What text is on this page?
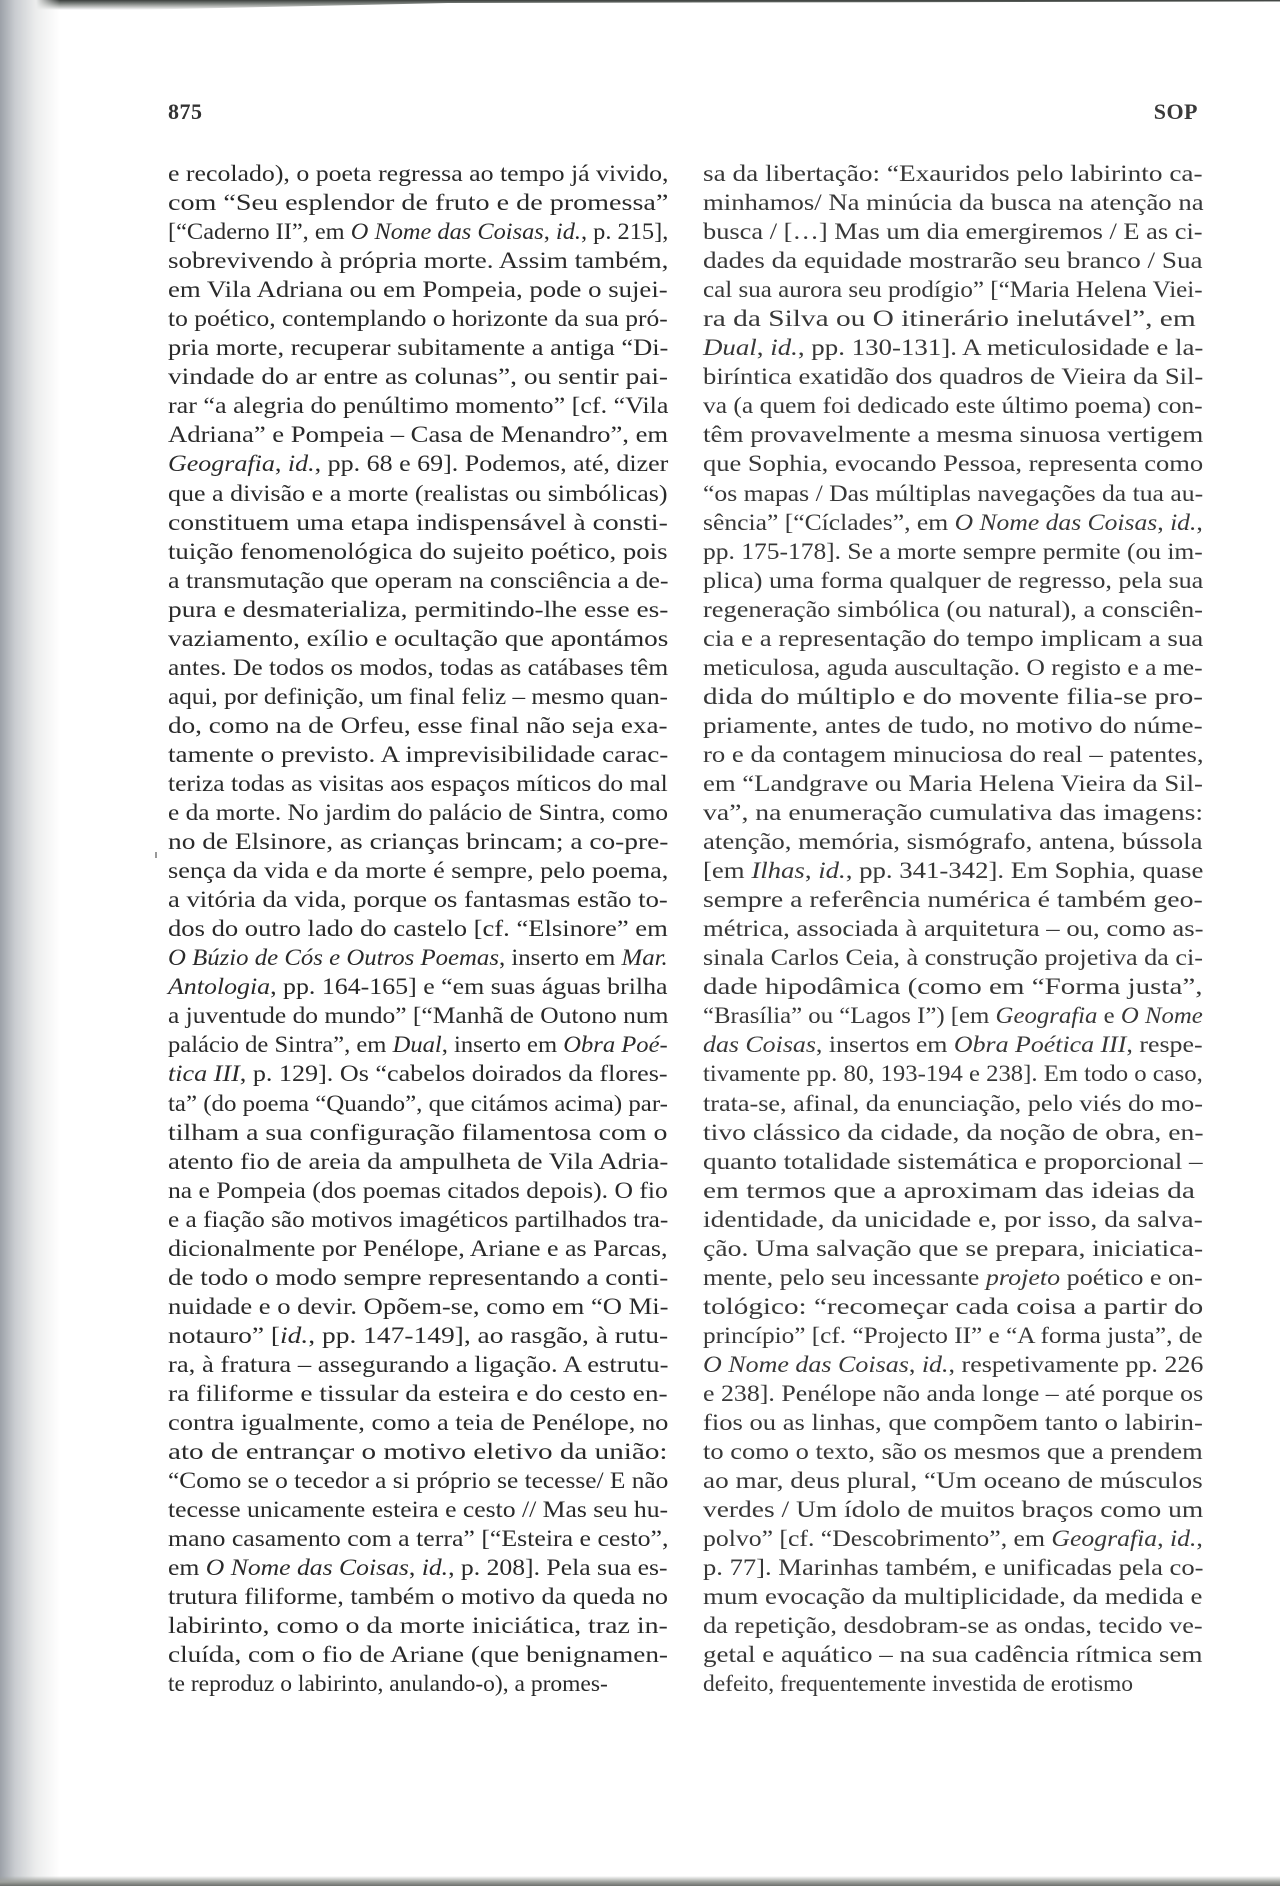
875	SOP
e recolado), o poeta regressa ao tempo já vivido,
com “Seu esplendor de fruto e de promessa”
[“Caderno II”, em O Nome das Coisas, id., p. 215],
sobrevivendo à própria morte. Assim também,
em Vila Adriana ou em Pompeia, pode o sujei-
to poético, contemplando o horizonte da sua pró-
pria morte, recuperar subitamente a antiga “Di-
vindade do ar entre as colunas”, ou sentir pai-
rar “a alegria do penúltimo momento” [cf. “Vila
Adriana” e Pompeia – Casa de Menandro”, em
Geografia, id., pp. 68 e 69]. Podemos, até, dizer
que a divisão e a morte (realistas ou simbólicas)
constituem uma etapa indispensável à consti-
tuição fenomenológica do sujeito poético, pois
a transmutação que operam na consciência a de-
pura e desmaterializa, permitindo-lhe esse es-
vaziamento, exílio e ocultação que apontámos
antes. De todos os modos, todas as catábases têm
aqui, por definição, um final feliz – mesmo quan-
do, como na de Orfeu, esse final não seja exa-
tamente o previsto. A imprevisibilidade carac-
teriza todas as visitas aos espaços míticos do mal
e da morte. No jardim do palácio de Sintra, como
no de Elsinore, as crianças brincam; a co-pre-
sença da vida e da morte é sempre, pelo poema,
a vitória da vida, porque os fantasmas estão to-
dos do outro lado do castelo [cf. “Elsinore” em
O Búzio de Cós e Outros Poemas, inserto em Mar.
Antologia, pp. 164-165] e “em suas águas brilha
a juventude do mundo” [“Manhã de Outono num
palácio de Sintra”, em Dual, inserto em Obra Poé-
tica III, p. 129]. Os “cabelos doirados da flores-
ta” (do poema “Quando”, que citámos acima) par-
tilham a sua configuração filamentosa com o
atento fio de areia da ampulheta de Vila Adria-
na e Pompeia (dos poemas citados depois). O fio
e a fiação são motivos imagéticos partilhados tra-
dicionalmente por Penélope, Ariane e as Parcas,
de todo o modo sempre representando a conti-
nuidade e o devir. Opõem-se, como em “O Mi-
notauro” [id., pp. 147-149], ao rasgão, à rutu-
ra, à fratura – assegurando a ligação. A estrutu-
ra filiforme e tissular da esteira e do cesto en-
contra igualmente, como a teia de Penélope, no
ato de entrançar o motivo eletivo da união:
“Como se o tecedor a si próprio se tecesse/ E não
tecesse unicamente esteira e cesto // Mas seu hu-
mano casamento com a terra” [“Esteira e cesto”,
em O Nome das Coisas, id., p. 208]. Pela sua es-
trutura filiforme, também o motivo da queda no
labirinto, como o da morte iniciática, traz in-
cluída, com o fio de Ariane (que benignamen-
te reproduz o labirinto, anulando-o), a promes-
sa da libertação: “Exauridos pelo labirinto ca-
minhamos/ Na minúcia da busca na atenção na
busca / […] Mas um dia emergiremos / E as ci-
dades da equidade mostrarão seu branco / Sua
cal sua aurora seu prodígio” [“Maria Helena Viei-
ra da Silva ou O itinerário inelutável”, em
Dual, id., pp. 130-131]. A meticulosidade e la-
biríntica exatidão dos quadros de Vieira da Sil-
va (a quem foi dedicado este último poema) con-
têm provavelmente a mesma sinuosa vertigem
que Sophia, evocando Pessoa, representa como
“os mapas / Das múltiplas navegações da tua au-
sência” [“Cíclades”, em O Nome das Coisas, id.,
pp. 175-178]. Se a morte sempre permite (ou im-
plica) uma forma qualquer de regresso, pela sua
regeneração simbólica (ou natural), a consciên-
cia e a representação do tempo implicam a sua
meticulosa, aguda auscultação. O registo e a me-
dida do múltiplo e do movente filia-se pro-
priamente, antes de tudo, no motivo do núme-
ro e da contagem minuciosa do real – patentes,
em “Landgrave ou Maria Helena Vieira da Sil-
va”, na enumeração cumulativa das imagens:
atenção, memória, sismógrafo, antena, bússola
[em Ilhas, id., pp. 341-342]. Em Sophia, quase
sempre a referência numérica é também geo-
métrica, associada à arquitetura – ou, como as-
sinala Carlos Ceia, à construção projetiva da ci-
dade hipodâmica (como em “Forma justa”,
“Brasília” ou “Lagos I”) [em Geografia e O Nome
das Coisas, insertos em Obra Poética III, respe-
tivamente pp. 80, 193-194 e 238]. Em todo o caso,
trata-se, afinal, da enunciação, pelo viés do mo-
tivo clássico da cidade, da noção de obra, en-
quanto totalidade sistemática e proporcional –
em termos que a aproximam das ideias da
identidade, da unicidade e, por isso, da salva-
ção. Uma salvação que se prepara, iniciatica-
mente, pelo seu incessante projeto poético e on-
tológico: “recomeçar cada coisa a partir do
princípio” [cf. “Projecto II” e “A forma justa”, de
O Nome das Coisas, id., respetivamente pp. 226
e 238]. Penélope não anda longe – até porque os
fios ou as linhas, que compõem tanto o labirin-
to como o texto, são os mesmos que a prendem
ao mar, deus plural, “Um oceano de músculos
verdes / Um ídolo de muitos braços como um
polvo” [cf. “Descobrimento”, em Geografia, id.,
p. 77]. Marinhas também, e unificadas pela co-
mum evocação da multiplicidade, da medida e
da repetição, desdobram-se as ondas, tecido ve-
getal e aquático – na sua cadência rítmica sem
defeito, frequentemente investida de erotismo
